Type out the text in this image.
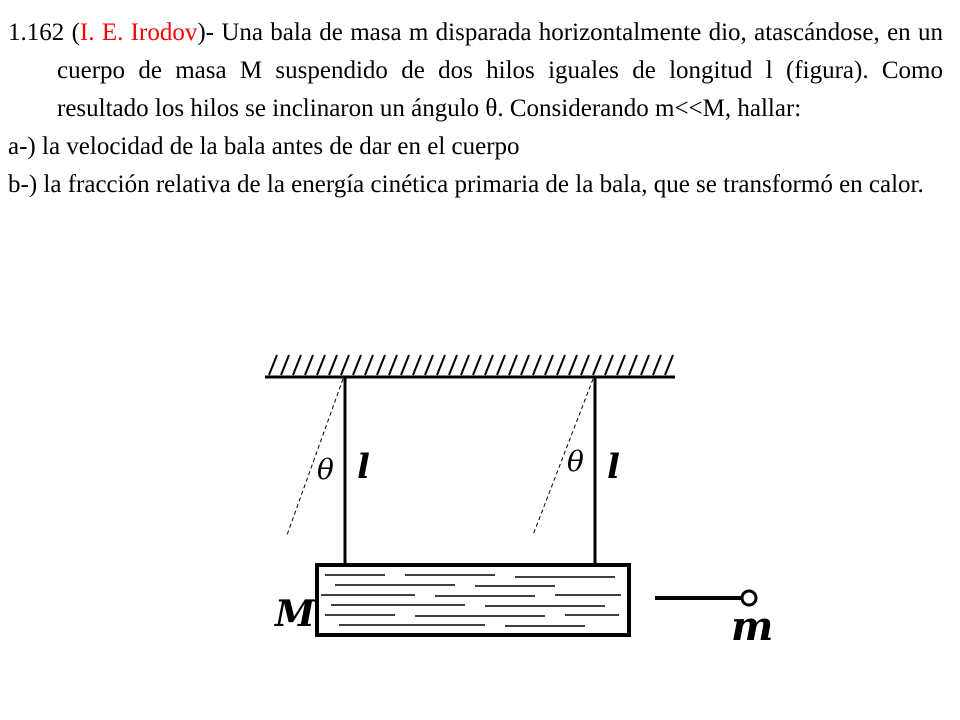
1.162 (I. E. Irodov)- Una bala de masa m disparada horizontalmente dio, atascándose, en un cuerpo de masa M suspendido de dos hilos iguales de longitud l (figura). Como resultado los hilos se inclinaron un ángulo θ. Considerando m<<M, hallar:
a-) la velocidad de la bala antes de dar en el cuerpo
b-) la fracción relativa de la energía cinética primaria de la bala, que se transformó en calor.
θ	θ
l	l
M	m
